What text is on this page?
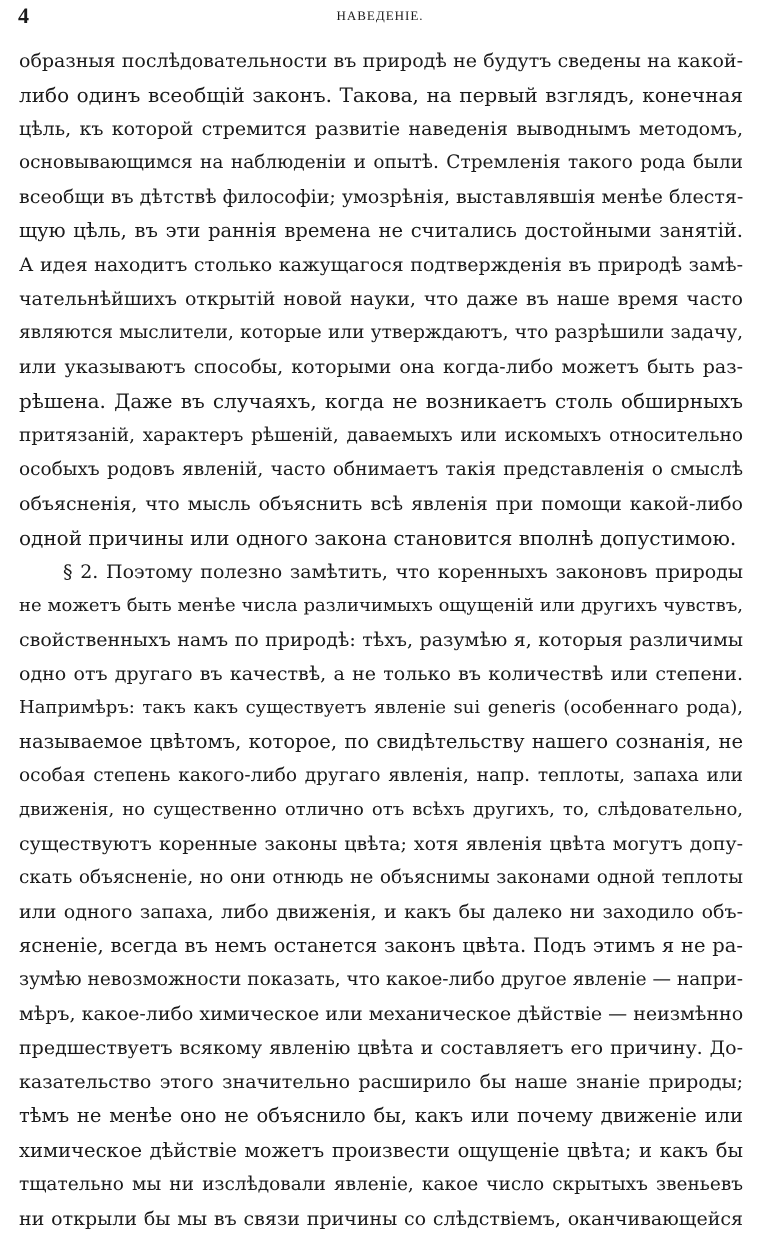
4	НАВЕДЕНІЕ.
образныя послѣдовательности въ природѣ не будутъ сведены на какой-
либо одинъ всеобщій законъ. Такова, на первый взглядъ, конечная
цѣль, къ которой стремится развитіе наведенія выводнымъ методомъ,
основывающимся на наблюденіи и опытѣ. Стремленія такого рода были
всеобщи въ дѣтствѣ философіи; умозрѣнія, выставлявшія менѣе блестя-
щую цѣль, въ эти раннія времена не считались достойными занятій.
А идея находитъ столько кажущагося подтвержденія въ природѣ замѣ-
чательнѣйшихъ открытій новой науки, что даже въ наше время часто
являются мыслители, которые или утверждаютъ, что разрѣшили задачу,
или указываютъ способы, которыми она когда-либо можетъ быть раз-
рѣшена. Даже въ случаяхъ, когда не возникаетъ столь обширныхъ
притязаній, характеръ рѣшеній, даваемыхъ или искомыхъ относительно
особыхъ родовъ явленій, часто обнимаетъ такія представленія о смыслѣ
объясненія, что мысль объяснить всѣ явленія при помощи какой-либо
одной причины или одного закона становится вполнѣ допустимою.
§ 2. Поэтому полезно замѣтить, что коренныхъ законовъ природы
не можетъ быть менѣе числа различимыхъ ощущеній или другихъ чувствъ,
свойственныхъ намъ по природѣ: тѣхъ, разумѣю я, которыя различимы
одно отъ другаго въ качествѣ, а не только въ количествѣ или степени.
Напримѣръ: такъ какъ существуетъ явленіе sui generis (особеннаго рода),
называемое цвѣтомъ, которое, по свидѣтельству нашего сознанія, не
особая степень какого-либо другаго явленія, напр. теплоты, запаха или
движенія, но существенно отлично отъ всѣхъ другихъ, то, слѣдовательно,
существуютъ коренные законы цвѣта; хотя явленія цвѣта могутъ допу-
скать объясненіе, но они отнюдь не объяснимы законами одной теплоты
или одного запаха, либо движенія, и какъ бы далеко ни заходило объ-
ясненіе, всегда въ немъ останется законъ цвѣта. Подъ этимъ я не ра-
зумѣю невозможности показать, что какое-либо другое явленіе — напри-
мѣръ, какое-либо химическое или механическое дѣйствіе — неизмѣнно
предшествуетъ всякому явленію цвѣта и составляетъ его причину. До-
казательство этого значительно расширило бы наше знаніе природы;
тѣмъ не менѣе оно не объяснило бы, какъ или почему движеніе или
химическое дѣйствіе можетъ произвести ощущеніе цвѣта; и какъ бы
тщательно мы ни изслѣдовали явленіе, какое число скрытыхъ звеньевъ
ни открыли бы мы въ связи причины со слѣдствіемъ, оканчивающейся
